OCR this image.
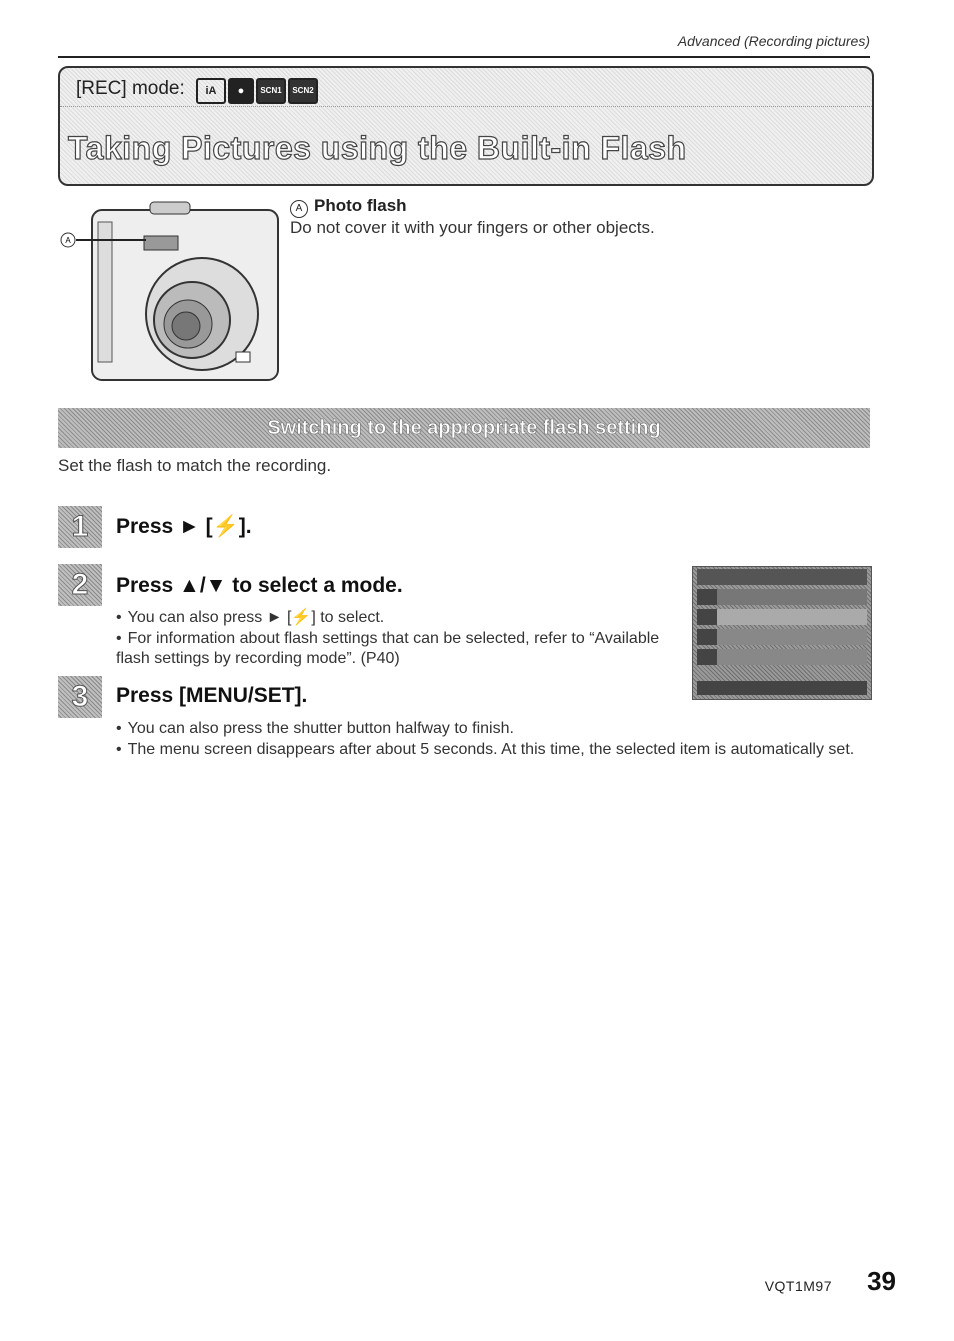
Advanced (Recording pictures)
[REC] mode:	iA	●	SCN1	SCN2
Taking Pictures using the Built-in Flash
A
A Photo flash
Do not cover it with your fingers or other objects.
Switching to the appropriate flash setting
Set the flash to match the recording.
1	Press ► [⚡].
2	Press ▲/▼ to select a mode.
• You can also press ► [⚡] to select.
• For information about flash settings that can be selected, refer to “Available flash settings by recording mode”. (P40)
3	Press [MENU/SET].
• You can also press the shutter button halfway to finish.
• The menu screen disappears after about 5 seconds. At this time, the selected item is automatically set.
VQT1M97 39
